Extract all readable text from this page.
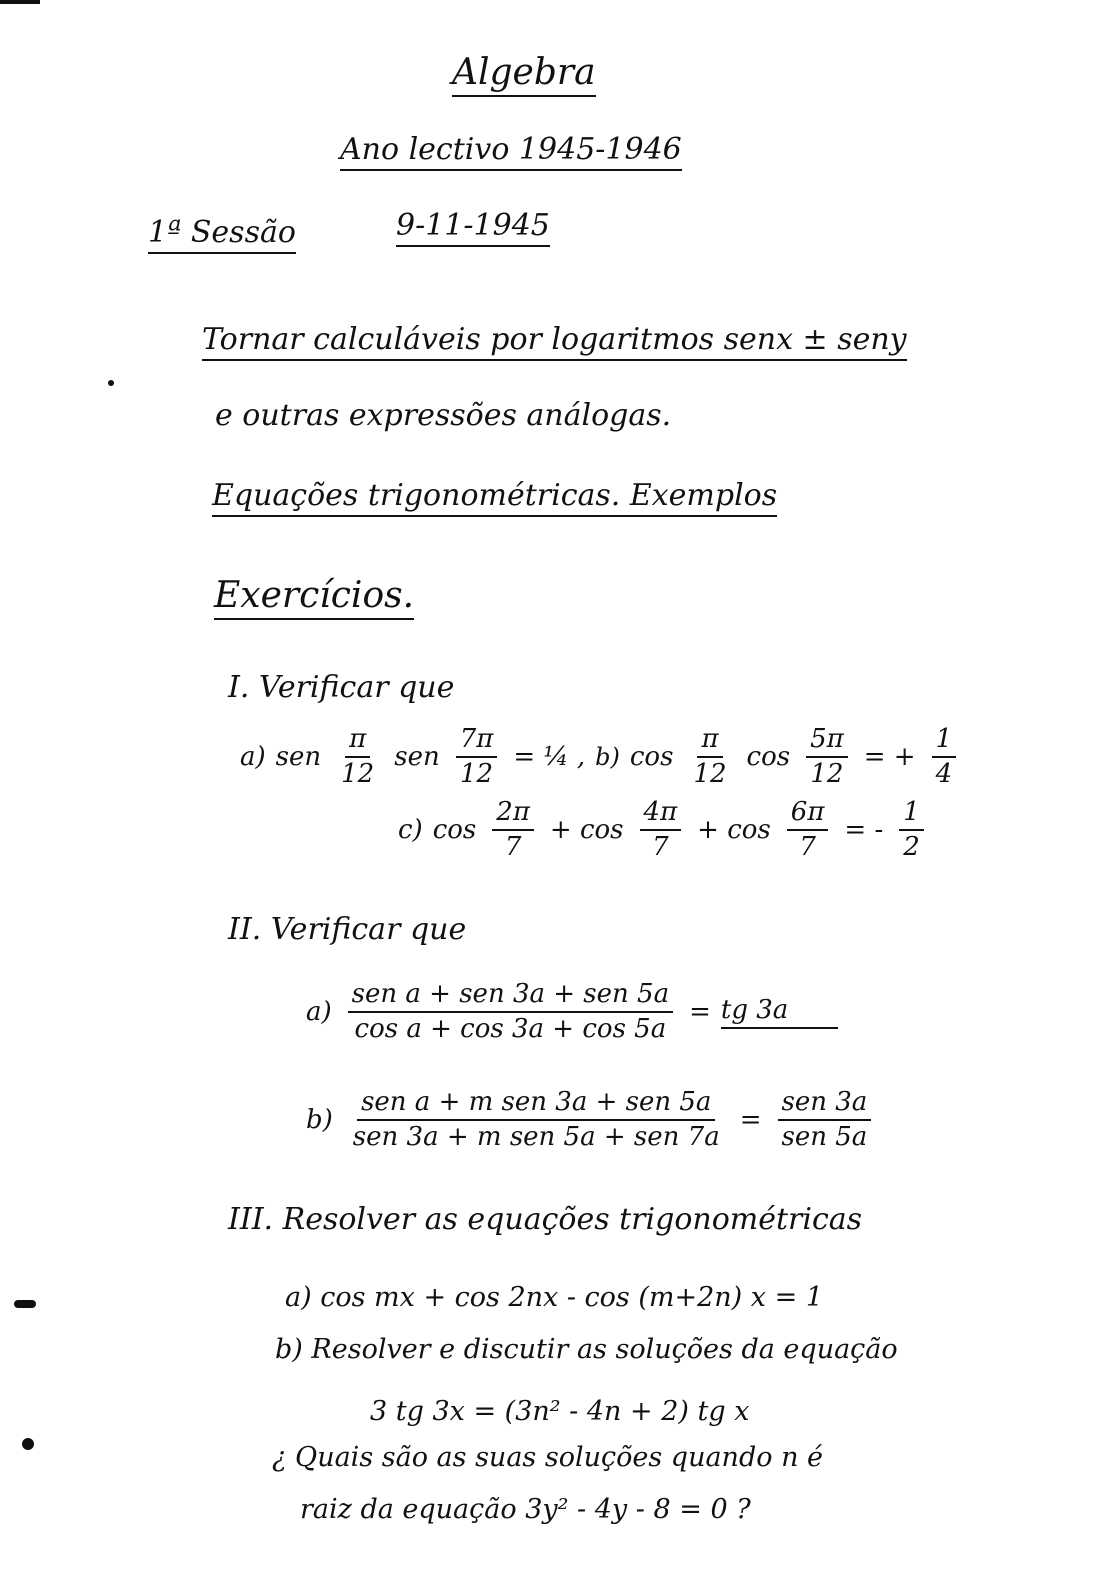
Algebra
Ano lectivo 1945-1946
1ª Sessão	9-11-1945
Tornar calculáveis por logaritmos senx ± seny
e outras expressões análogas.
Equações trigonométricas. Exemplos
Exercícios.
I. Verificar que
a) sen $\frac{\pi}{12}$ sen $\frac{7\pi}{12}$ = ¼ , b) $\cos \frac{\pi}{12}$ $\cos \frac{5\pi}{12}$ = + $\frac{1}{4}$
c) $\cos \frac{2\pi}{7} + \cos \frac{4\pi}{7} + \cos \frac{6\pi}{7}$ = - $\frac{1}{2}$
II. Verificar que
$a) \frac{\text{sen a + sen 3a + sen 5a}}{\text{cos a + cos 3a + cos 5a}}$ = tg 3a
$b) \frac{\text{sen a + m sen 3a + sen 5a}}{\text{sen 3a + m sen 5a + sen 7a}} = \frac{\text{sen 3a}}{\text{sen 5a}}$
III. Resolver as equações trigonométricas
a) cos mx + cos 2nx - cos (m+2n) x = 1
b) Resolver e discutir as soluções da equação
3 tg 3x = (3n² - 4n + 2) tg x
¿ Quais são as suas soluções quando n é
raiz da equação 3y² - 4y - 8 = 0 ?
